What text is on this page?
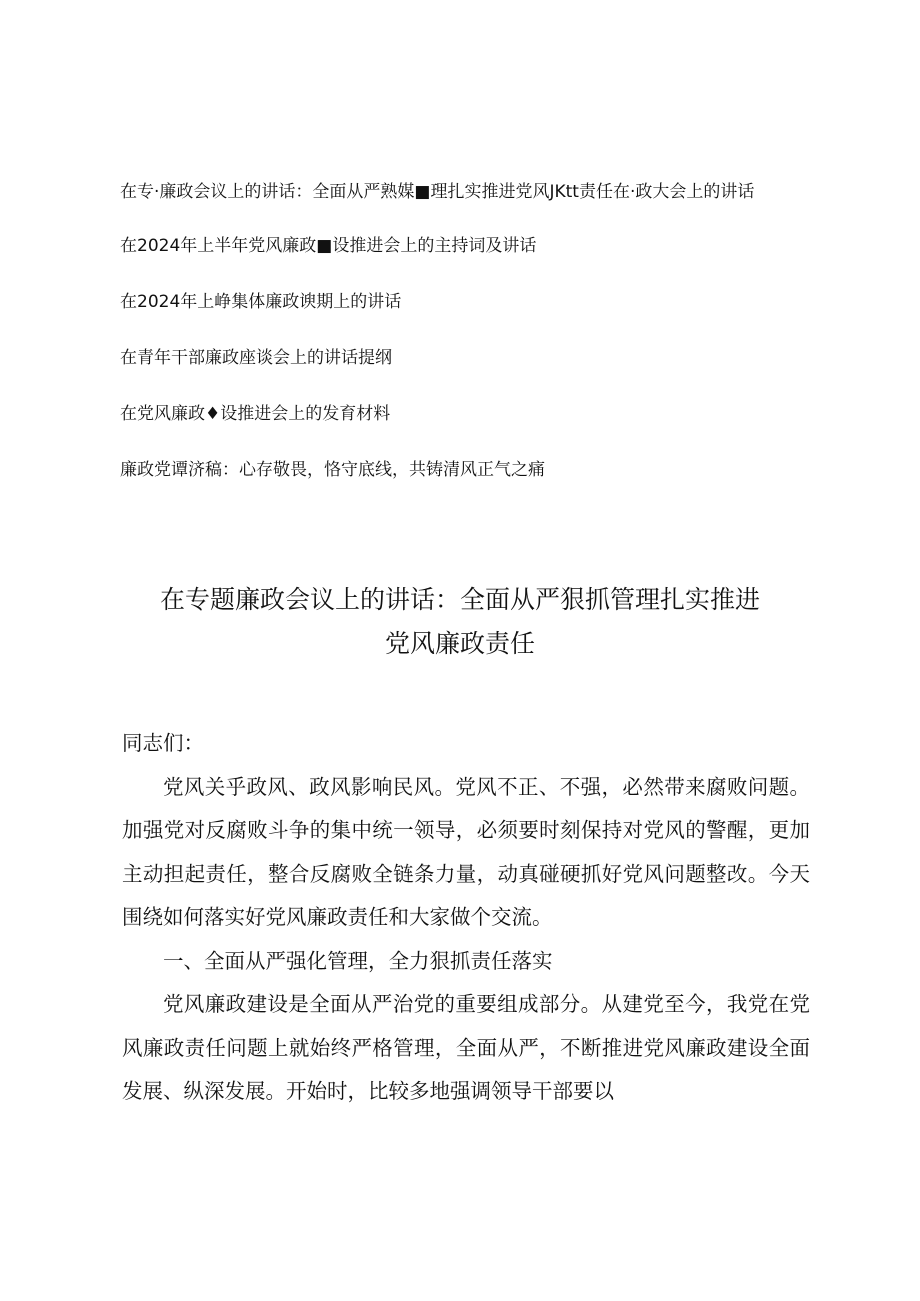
在专·廉政会议上的讲话：全面从严熟媒■理扎实推进党风JKtt责任在·政大会上的讲话

在2024年上半年党风廉政■设推进会上的主持词及讲话

在2024年上峥集体廉政谀期上的讲话

在青年干部廉政座谈会上的讲话提纲

在党风廉政♦设推进会上的发育材料

廉政党谭济稿：心存敬畏，恪守底线，共铸清风正气之痛

在专题廉政会议上的讲话：全面从严狠抓管理扎实推进
党风廉政责任

同志们：

党风关乎政风、政风影响民风。党风不正、不强，必然带来腐败问题。加强党对反腐败斗争的集中统一领导，必须要时刻保持对党风的警醒，更加主动担起责任，整合反腐败全链条力量，动真碰硬抓好党风问题整改。今天围绕如何落实好党风廉政责任和大家做个交流。

一、全面从严强化管理，全力狠抓责任落实

党风廉政建设是全面从严治党的重要组成部分。从建党至今，我党在党风廉政责任问题上就始终严格管理，全面从严，不断推进党风廉政建设全面发展、纵深发展。开始时，比较多地强调领导干部要以
